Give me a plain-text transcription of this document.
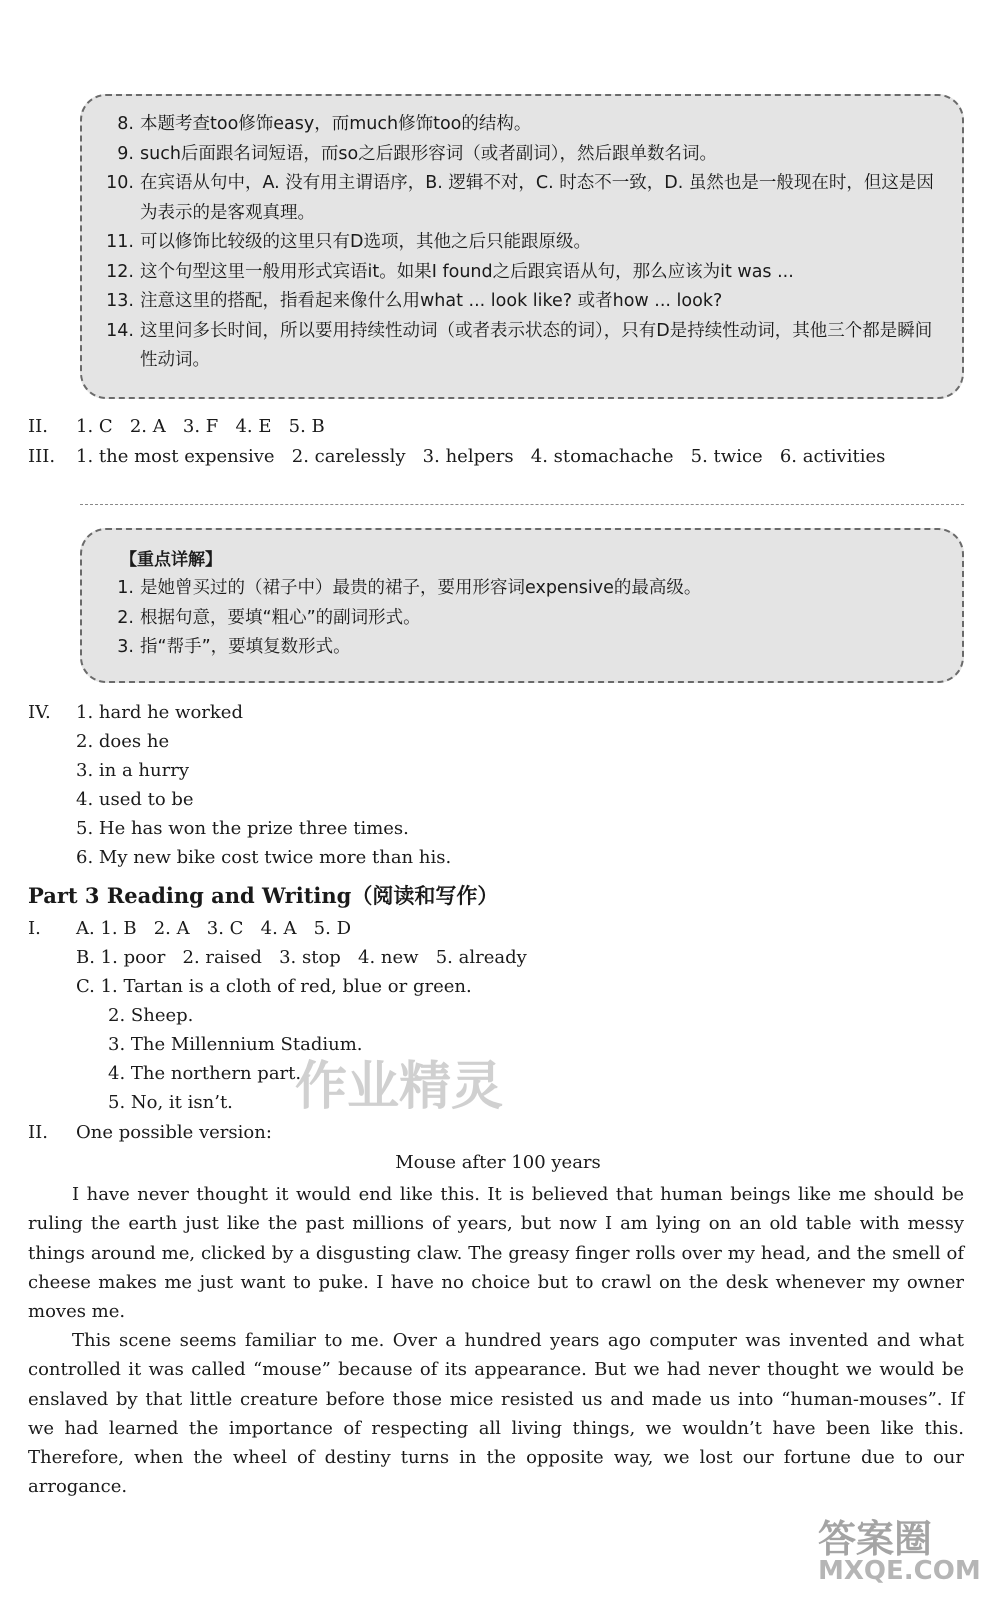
8. 本题考查too修饰easy，而much修饰too的结构。
9. such后面跟名词短语，而so之后跟形容词（或者副词），然后跟单数名词。
10. 在宾语从句中，A. 没有用主谓语序，B. 逻辑不对，C. 时态不一致，D. 虽然也是一般现在时，但这是因为表示的是客观真理。
11. 可以修饰比较级的这里只有D选项，其他之后只能跟原级。
12. 这个句型这里一般用形式宾语it。如果I found之后跟宾语从句，那么应该为it was ...
13. 注意这里的搭配，指看起来像什么用what ... look like? 或者how ... look?
14. 这里问多长时间，所以要用持续性动词（或者表示状态的词），只有D是持续性动词，其他三个都是瞬间性动词。
II. 1. C   2. A   3. F   4. E   5. B
III. 1. the most expensive   2. carelessly   3. helpers   4. stomachache   5. twice   6. activities
【重点详解】
1. 是她曾买过的（裙子中）最贵的裙子，要用形容词expensive的最高级。
2. 根据句意，要填“粗心”的副词形式。
3. 指“帮手”，要填复数形式。
IV. 1. hard he worked
2. does he
3. in a hurry
4. used to be
5. He has won the prize three times.
6. My new bike cost twice more than his.
Part 3 Reading and Writing（阅读和写作）
I. A. 1. B   2. A   3. C   4. A   5. D
B. 1. poor   2. raised   3. stop   4. new   5. already
C. 1. Tartan is a cloth of red, blue or green.
2. Sheep.
3. The Millennium Stadium.
4. The northern part.
5. No, it isn’t.
II. One possible version:
Mouse after 100 years
I have never thought it would end like this. It is believed that human beings like me should be ruling the earth just like the past millions of years, but now I am lying on an old table with messy things around me, clicked by a disgusting claw. The greasy finger rolls over my head, and the smell of cheese makes me just want to puke. I have no choice but to crawl on the desk whenever my owner moves me.
This scene seems familiar to me. Over a hundred years ago computer was invented and what controlled it was called “mouse” because of its appearance. But we had never thought we would be enslaved by that little creature before those mice resisted us and made us into “human-mouses”. If we had learned the importance of respecting all living things, we wouldn’t have been like this. Therefore, when the wheel of destiny turns in the opposite way, we lost our fortune due to our arrogance.
作业精灵
答案圈
MXQE.COM
